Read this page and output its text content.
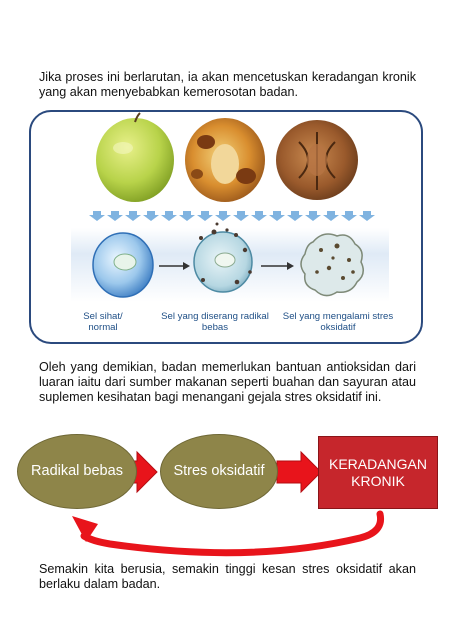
Jika proses ini berlarutan, ia akan mencetuskan keradangan kronik yang akan menyebabkan kemerosotan badan.

Sel sihat/ normal
Sel yang diserang radikal bebas
Sel yang mengalami stres oksidatif

Oleh yang demikian, badan memerlukan bantuan antioksidan dari luaran iaitu dari sumber makanan seperti buahan dan sayuran atau suplemen kesihatan bagi menangani gejala stres oksidatif ini.

Radikal bebas	Stres oksidatif	KERADANGAN KRONIK

Semakin kita berusia, semakin tinggi kesan stres oksidatif akan berlaku dalam badan.
